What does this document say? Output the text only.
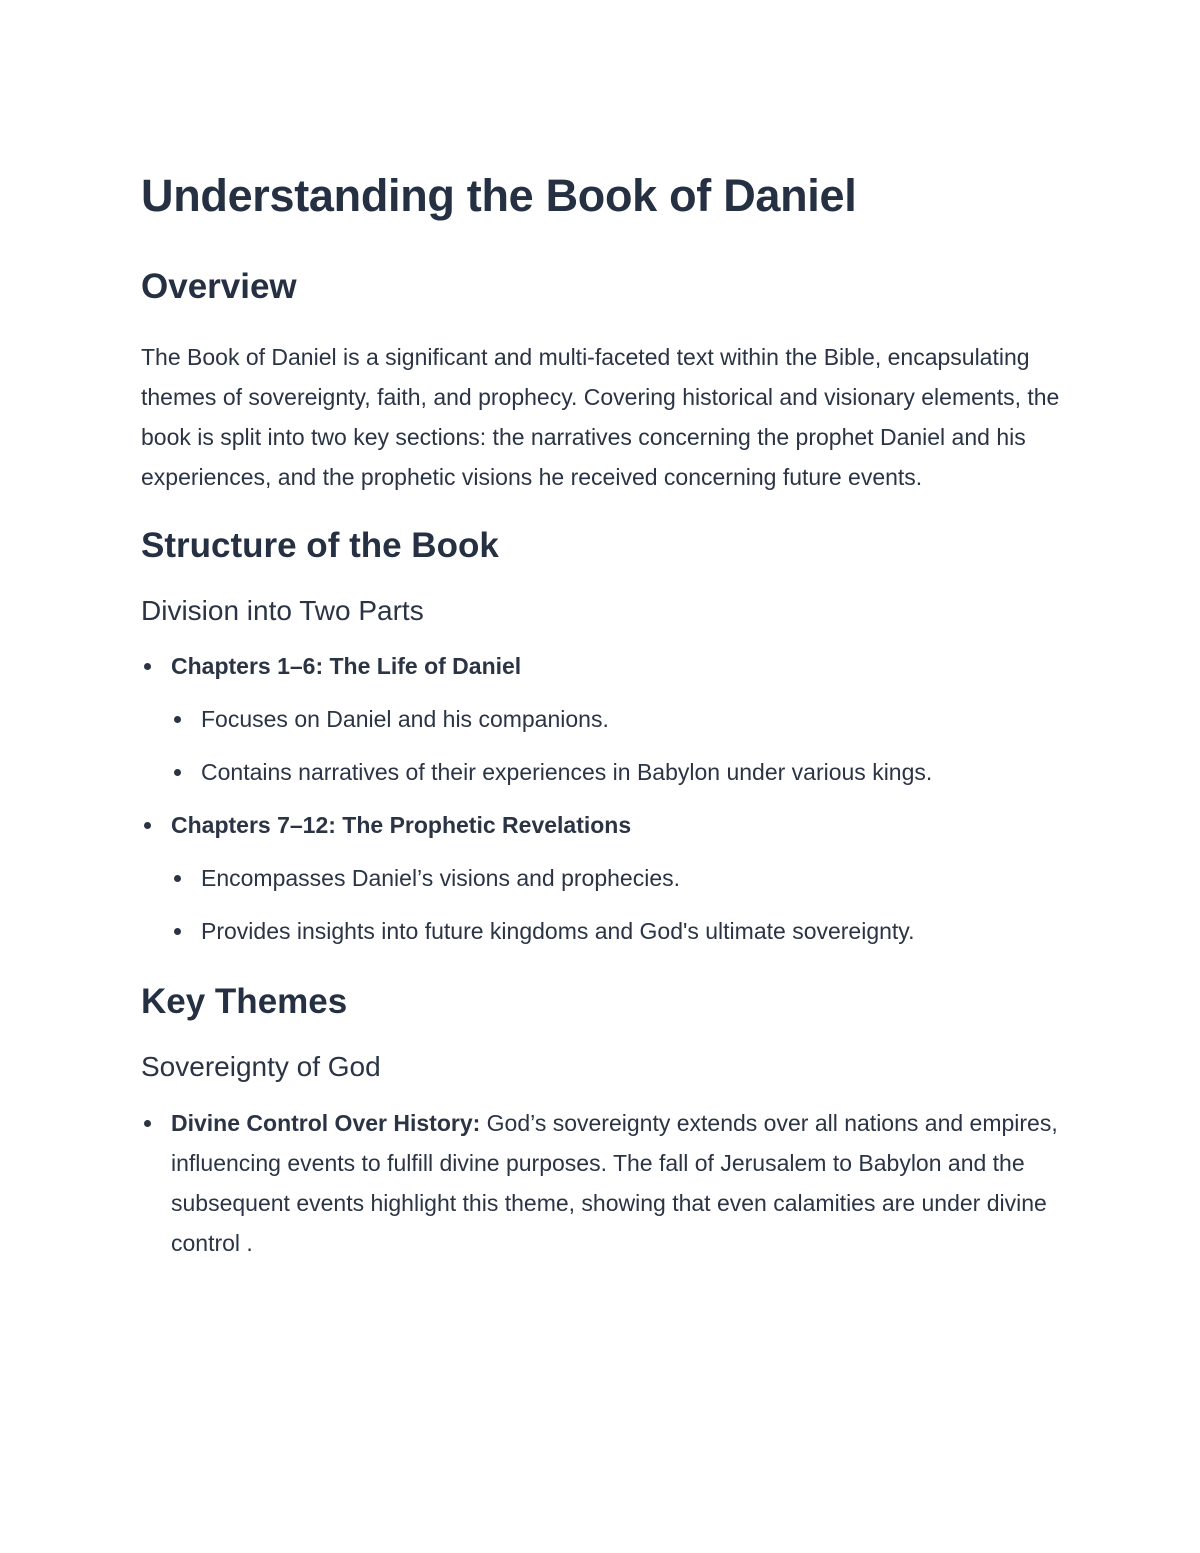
Understanding the Book of Daniel
Overview

The Book of Daniel is a significant and multi-faceted text within the Bible, encapsulating themes of sovereignty, faith, and prophecy. Covering historical and visionary elements, the book is split into two key sections: the narratives concerning the prophet Daniel and his experiences, and the prophetic visions he received concerning future events.

Structure of the Book
Division into Two Parts
Chapters 1–6: The Life of Daniel
Focuses on Daniel and his companions.
Contains narratives of their experiences in Babylon under various kings.
Chapters 7–12: The Prophetic Revelations
Encompasses Daniel’s visions and prophecies.
Provides insights into future kingdoms and God's ultimate sovereignty.
Key Themes
Sovereignty of God
Divine Control Over History: God’s sovereignty extends over all nations and empires, influencing events to fulfill divine purposes. The fall of Jerusalem to Babylon and the subsequent events highlight this theme, showing that even calamities are under divine control .
